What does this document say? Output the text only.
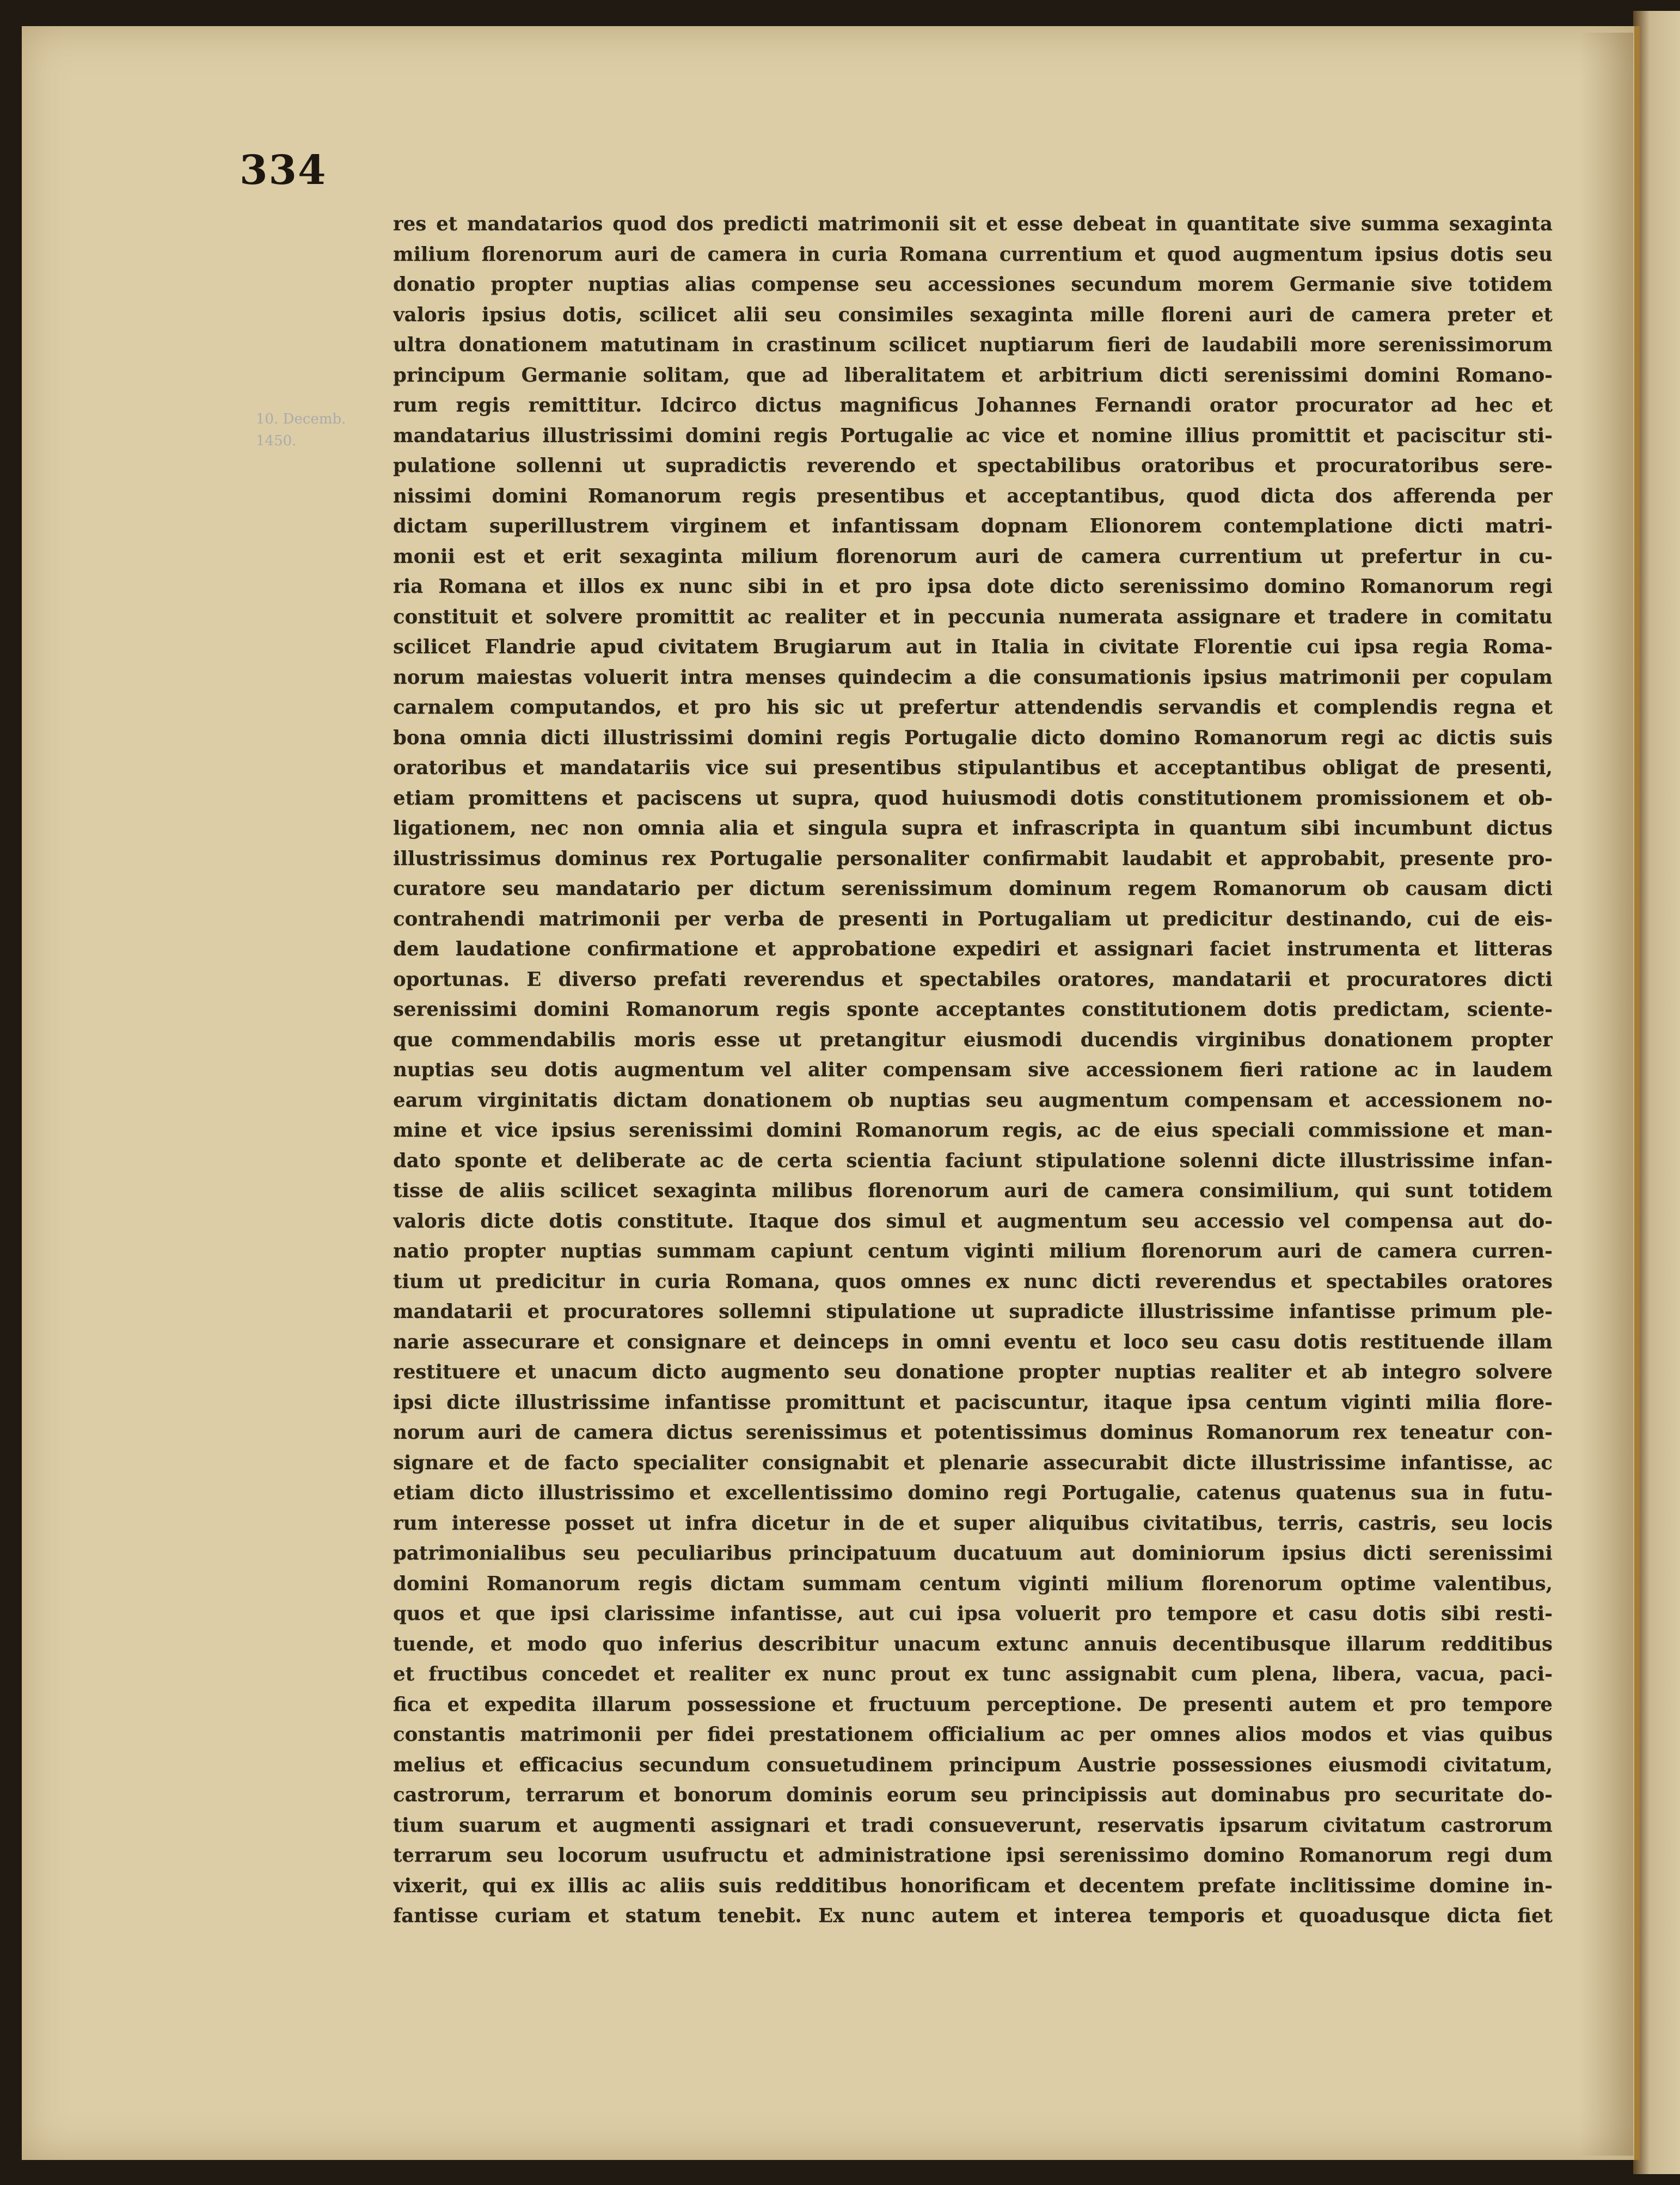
334
10. Decemb.
1450.
res et mandatarios quod dos predicti matrimonii sit et esse debeat in quantitate sive summa sexaginta
milium florenorum auri de camera in curia Romana currentium et quod augmentum ipsius dotis seu
donatio propter nuptias alias compense seu accessiones secundum morem Germanie sive totidem
valoris ipsius dotis, scilicet alii seu consimiles sexaginta mille floreni auri de camera preter et
ultra donationem matutinam in crastinum scilicet nuptiarum fieri de laudabili more serenissimorum
principum Germanie solitam, que ad liberalitatem et arbitrium dicti serenissimi domini Romano-
rum regis remittitur. Idcirco dictus magnificus Johannes Fernandi orator procurator ad hec et
mandatarius illustrissimi domini regis Portugalie ac vice et nomine illius promittit et paciscitur sti-
pulatione sollenni ut supradictis reverendo et spectabilibus oratoribus et procuratoribus sere-
nissimi domini Romanorum regis presentibus et acceptantibus, quod dicta dos afferenda per
dictam superillustrem virginem et infantissam dopnam Elionorem contemplatione dicti matri-
monii est et erit sexaginta milium florenorum auri de camera currentium ut prefertur in cu-
ria Romana et illos ex nunc sibi in et pro ipsa dote dicto serenissimo domino Romanorum regi
constituit et solvere promittit ac realiter et in peccunia numerata assignare et tradere in comitatu
scilicet Flandrie apud civitatem Brugiarum aut in Italia in civitate Florentie cui ipsa regia Roma-
norum maiestas voluerit intra menses quindecim a die consumationis ipsius matrimonii per copulam
carnalem computandos, et pro his sic ut prefertur attendendis servandis et complendis regna et
bona omnia dicti illustrissimi domini regis Portugalie dicto domino Romanorum regi ac dictis suis
oratoribus et mandatariis vice sui presentibus stipulantibus et acceptantibus obligat de presenti,
etiam promittens et paciscens ut supra, quod huiusmodi dotis constitutionem promissionem et ob-
ligationem, nec non omnia alia et singula supra et infrascripta in quantum sibi incumbunt dictus
illustrissimus dominus rex Portugalie personaliter confirmabit laudabit et approbabit, presente pro-
curatore seu mandatario per dictum serenissimum dominum regem Romanorum ob causam dicti
contrahendi matrimonii per verba de presenti in Portugaliam ut predicitur destinando, cui de eis-
dem laudatione confirmatione et approbatione expediri et assignari faciet instrumenta et litteras
oportunas. E diverso prefati reverendus et spectabiles oratores, mandatarii et procuratores dicti
serenissimi domini Romanorum regis sponte acceptantes constitutionem dotis predictam, sciente-
que commendabilis moris esse ut pretangitur eiusmodi ducendis virginibus donationem propter
nuptias seu dotis augmentum vel aliter compensam sive accessionem fieri ratione ac in laudem
earum virginitatis dictam donationem ob nuptias seu augmentum compensam et accessionem no-
mine et vice ipsius serenissimi domini Romanorum regis, ac de eius speciali commissione et man-
dato sponte et deliberate ac de certa scientia faciunt stipulatione solenni dicte illustrissime infan-
tisse de aliis scilicet sexaginta milibus florenorum auri de camera consimilium, qui sunt totidem
valoris dicte dotis constitute. Itaque dos simul et augmentum seu accessio vel compensa aut do-
natio propter nuptias summam capiunt centum viginti milium florenorum auri de camera curren-
tium ut predicitur in curia Romana, quos omnes ex nunc dicti reverendus et spectabiles oratores
mandatarii et procuratores sollemni stipulatione ut supradicte illustrissime infantisse primum ple-
narie assecurare et consignare et deinceps in omni eventu et loco seu casu dotis restituende illam
restituere et unacum dicto augmento seu donatione propter nuptias realiter et ab integro solvere
ipsi dicte illustrissime infantisse promittunt et paciscuntur, itaque ipsa centum viginti milia flore-
norum auri de camera dictus serenissimus et potentissimus dominus Romanorum rex teneatur con-
signare et de facto specialiter consignabit et plenarie assecurabit dicte illustrissime infantisse, ac
etiam dicto illustrissimo et excellentissimo domino regi Portugalie, catenus quatenus sua in futu-
rum interesse posset ut infra dicetur in de et super aliquibus civitatibus, terris, castris, seu locis
patrimonialibus seu peculiaribus principatuum ducatuum aut dominiorum ipsius dicti serenissimi
domini Romanorum regis dictam summam centum viginti milium florenorum optime valentibus,
quos et que ipsi clarissime infantisse, aut cui ipsa voluerit pro tempore et casu dotis sibi resti-
tuende, et modo quo inferius describitur unacum extunc annuis decentibusque illarum redditibus
et fructibus concedet et realiter ex nunc prout ex tunc assignabit cum plena, libera, vacua, paci-
fica et expedita illarum possessione et fructuum perceptione. De presenti autem et pro tempore
constantis matrimonii per fidei prestationem officialium ac per omnes alios modos et vias quibus
melius et efficacius secundum consuetudinem principum Austrie possessiones eiusmodi civitatum,
castrorum, terrarum et bonorum dominis eorum seu principissis aut dominabus pro securitate do-
tium suarum et augmenti assignari et tradi consueverunt, reservatis ipsarum civitatum castrorum
terrarum seu locorum usufructu et administratione ipsi serenissimo domino Romanorum regi dum
vixerit, qui ex illis ac aliis suis redditibus honorificam et decentem prefate inclitissime domine in-
fantisse curiam et statum tenebit. Ex nunc autem et interea temporis et quoadusque dicta fiet
